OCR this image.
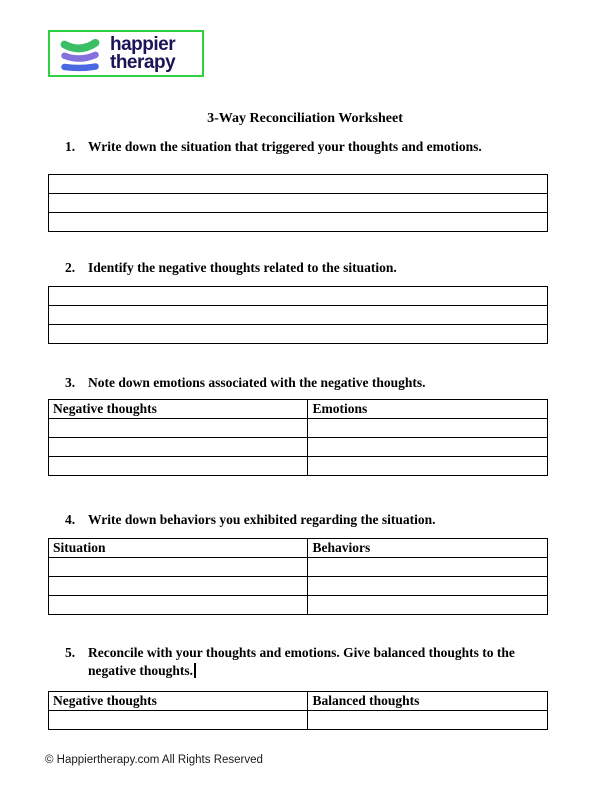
happier
therapy
3-Way Reconciliation Worksheet
1. Write down the situation that triggered your thoughts and emotions.

2. Identify the negative thoughts related to the situation.

3. Note down emotions associated with the negative thoughts.
Negative thoughts	Emotions

4. Write down behaviors you exhibited regarding the situation.
Situation	Behaviors

5. Reconcile with your thoughts and emotions. Give balanced thoughts to the negative thoughts.
Negative thoughts	Balanced thoughts

© Happiertherapy.com All Rights Reserved
